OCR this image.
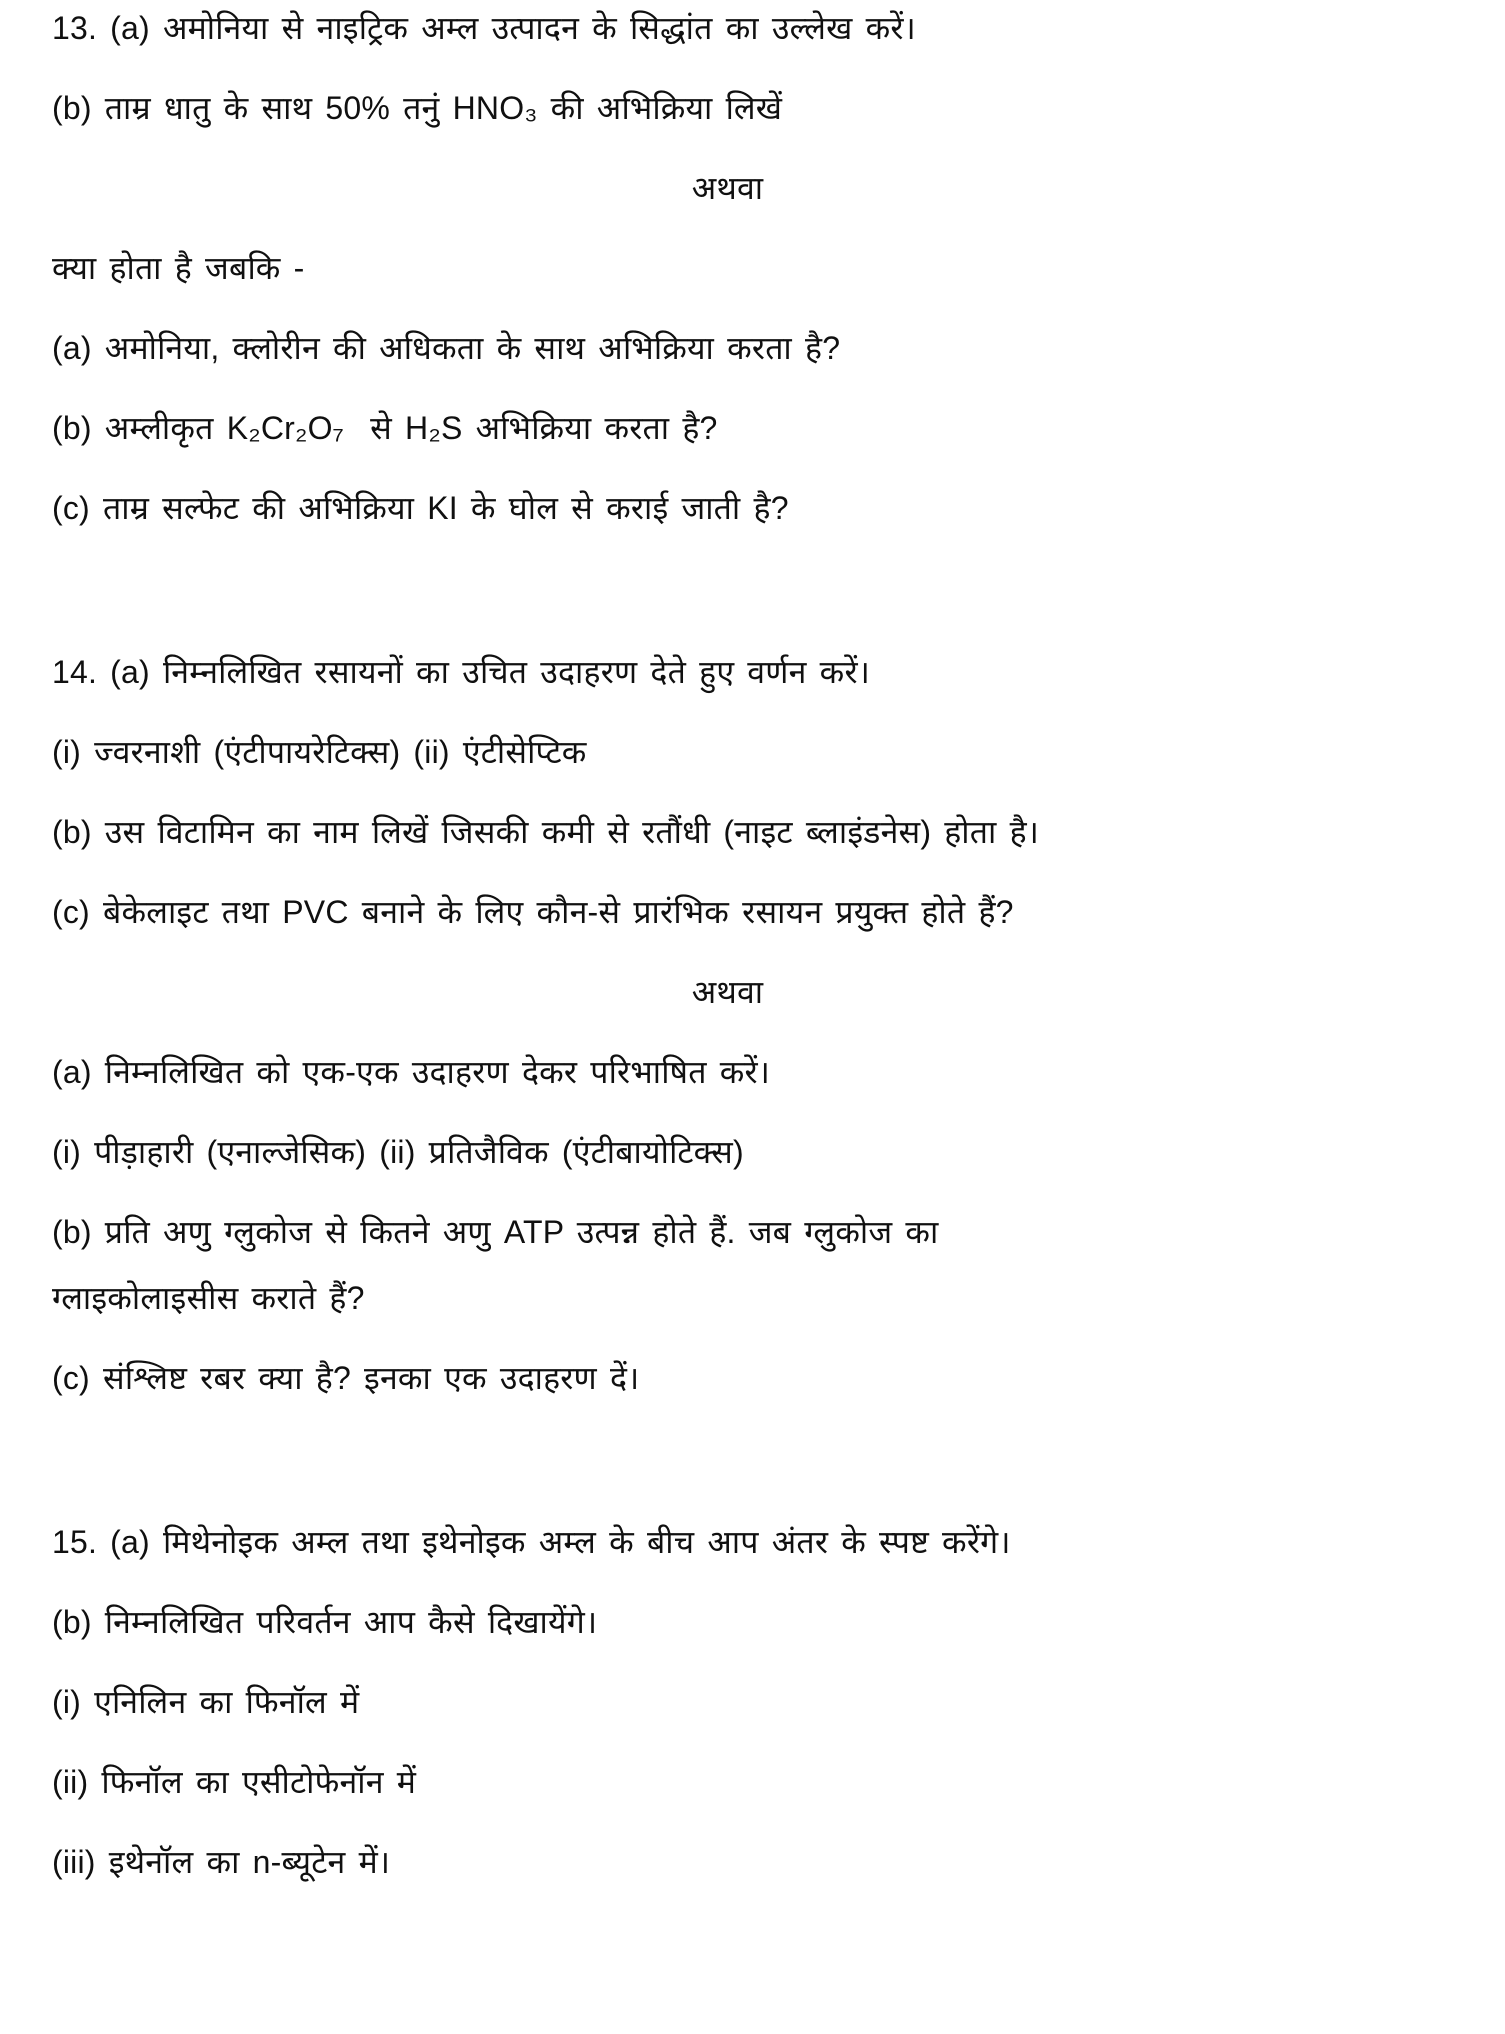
13. (a) अमोनिया से नाइट्रिक अम्ल उत्पादन के सिद्धांत का उल्लेख करें।

(b) ताम्र धातु के साथ 50% तनुं HNO₃ की अभिक्रिया लिखें

अथवा

क्या होता है जबकि -

(a) अमोनिया, क्लोरीन की अधिकता के साथ अभिक्रिया करता है?

(b) अम्लीकृत K₂Cr₂O₇  से H₂S अभिक्रिया करता है?

(c) ताम्र सल्फेट की अभिक्रिया KI के घोल से कराई जाती है?

14. (a) निम्नलिखित रसायनों का उचित उदाहरण देते हुए वर्णन करें।

(i) ज्वरनाशी (एंटीपायरेटिक्स) (ii) एंटीसेप्टिक

(b) उस विटामिन का नाम लिखें जिसकी कमी से रतौंधी (नाइट ब्लाइंडनेस) होता है।

(c) बेकेलाइट तथा PVC बनाने के लिए कौन-से प्रारंभिक रसायन प्रयुक्त होते हैं?

अथवा

(a) निम्नलिखित को एक-एक उदाहरण देकर परिभाषित करें।

(i) पीड़ाहारी (एनाल्जेसिक) (ii) प्रतिजैविक (एंटीबायोटिक्स)

(b) प्रति अणु ग्लुकोज से कितने अणु ATP उत्पन्न होते हैं. जब ग्लुकोज का

ग्लाइकोलाइसीस कराते हैं?

(c) संश्लिष्ट रबर क्या है? इनका एक उदाहरण दें।

15. (a) मिथेनोइक अम्ल तथा इथेनोइक अम्ल के बीच आप अंतर के स्पष्ट करेंगे।

(b) निम्नलिखित परिवर्तन आप कैसे दिखायेंगे।

(i) एनिलिन का फिनॉल में

(ii) फिनॉल का एसीटोफेनॉन में

(iii) इथेनॉल का n-ब्यूटेन में।
